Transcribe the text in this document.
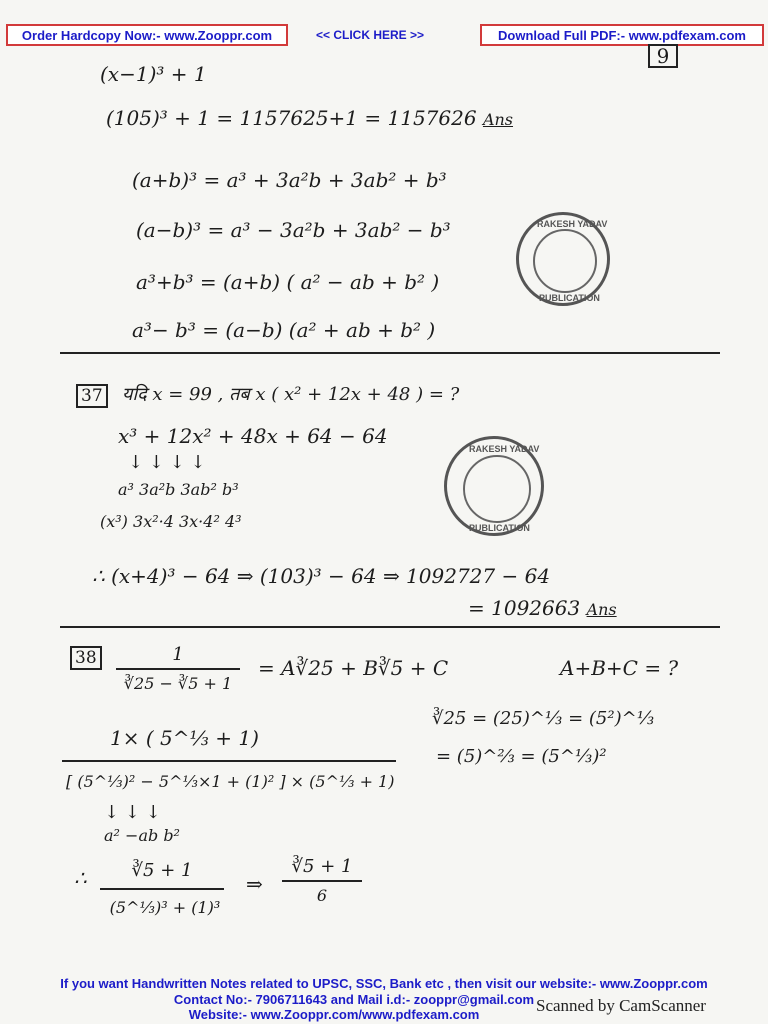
Order Hardcopy Now:- www.Zooppr.com	<< CLICK HERE >>	Download Full PDF:- www.pdfexam.com
9
(x−1)³ + 1
(105)³ + 1 = 1157625+1 = 1157626 Ans
(a+b)³ = a³ + 3a²b + 3ab² + b³
(a−b)³ = a³ − 3a²b + 3ab² − b³
a³+b³ = (a+b) ( a² − ab + b² )
a³− b³ = (a−b) (a² + ab + b² )
RAKESH YADAV
PUBLICATION
37 यदि x = 99 , तब x ( x² + 12x + 48 ) = ?
x³ + 12x² + 48x + 64 − 64
↓ ↓ ↓ ↓
a³ 3a²b 3ab² b³
(x³) 3x²·4 3x·4² 4³
RAKESH YADAV
PUBLICATION
∴ (x+4)³ − 64 ⇒ (103)³ − 64 ⇒ 1092727 − 64
= 1092663 Ans
38	1
∛25 − ∛5 + 1
= A∛25 + B∛5 + C	A+B+C = ?
∛25 = (25)^⅓ = (5²)^⅓
= (5)^⅔ = (5^⅓)²
1× ( 5^⅓ + 1)
[ (5^⅓)² − 5^⅓×1 + (1)² ] × (5^⅓ + 1)
↓ ↓ ↓
a² −ab b²
∴	∛5 + 1
(5^⅓)³ + (1)³
⇒
∛5 + 1
6
If you want Handwritten Notes related to UPSC, SSC, Bank etc , then visit our website:- www.Zooppr.com
Contact No:- 7906711643 and Mail i.d:- zooppr@gmail.com
Website:- www.Zooppr.com/www.pdfexam.com	Scanned by CamScanner
